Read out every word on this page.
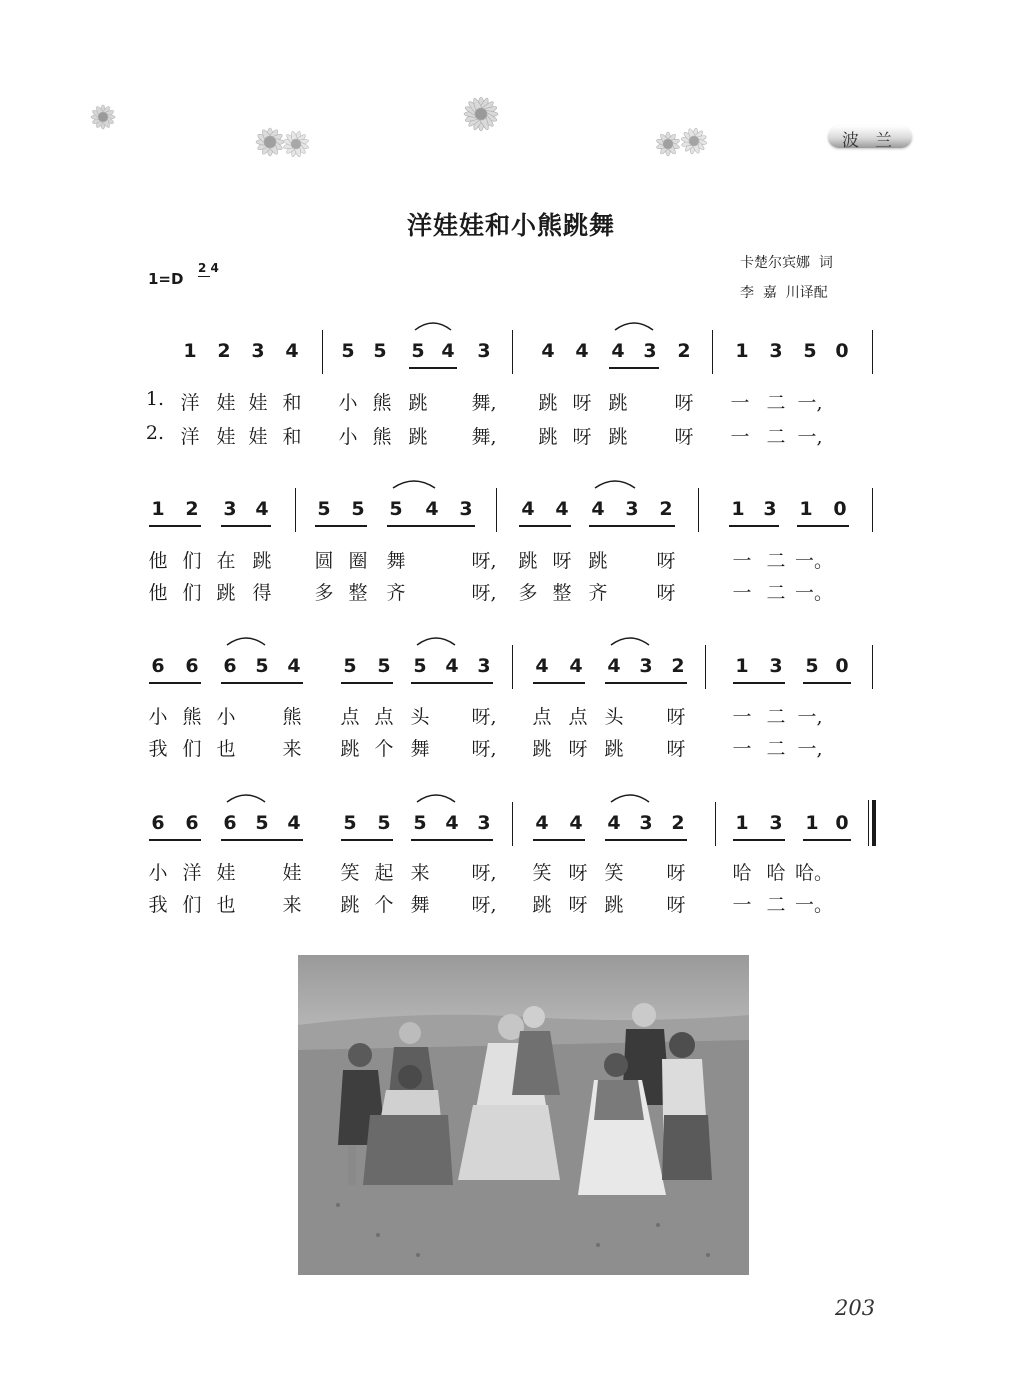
波兰
洋娃娃和小熊跳舞
卡楚尔宾娜  词
李  嘉  川译配
1=D
2 4
1 2 3 4 5 5 5 4 3	4 4 4 3 2 1 3 5 0
1. 洋 娃 娃 和 小 熊 跳 舞, 跳 呀 跳 呀 一 二 一,
2. 洋 娃 娃 和 小 熊 跳 舞, 跳 呀 跳 呀 一 二 一,
1 2 3 4	5 5 5 4 3	4 4 4 3 2	1 3 1 0
他 们 在 跳 圆 圈 舞	呀, 跳 呀 跳	呀	一 二 一。
他 们 跳 得 多 整 齐	呀, 多 整 齐	呀	一 二 一。
6 6 6 5 4 5 5 5 4 3 4 4 4 3 2	1 3 5 0
小 熊 小 熊 点 点 头 呀, 点 点 头 呀 一 二 一,
我 们 也 来 跳 个 舞 呀, 跳 呀 跳 呀 一 二 一,
6 6 6 5 4 5 5 5 4 3 4 4 4 3 2	1 3 1 0
小 洋 娃 娃 笑 起 来 呀, 笑 呀 笑 呀 哈 哈 哈。
我 们 也 来 跳 个 舞 呀, 跳 呀 跳 呀 一 二 一。
203
